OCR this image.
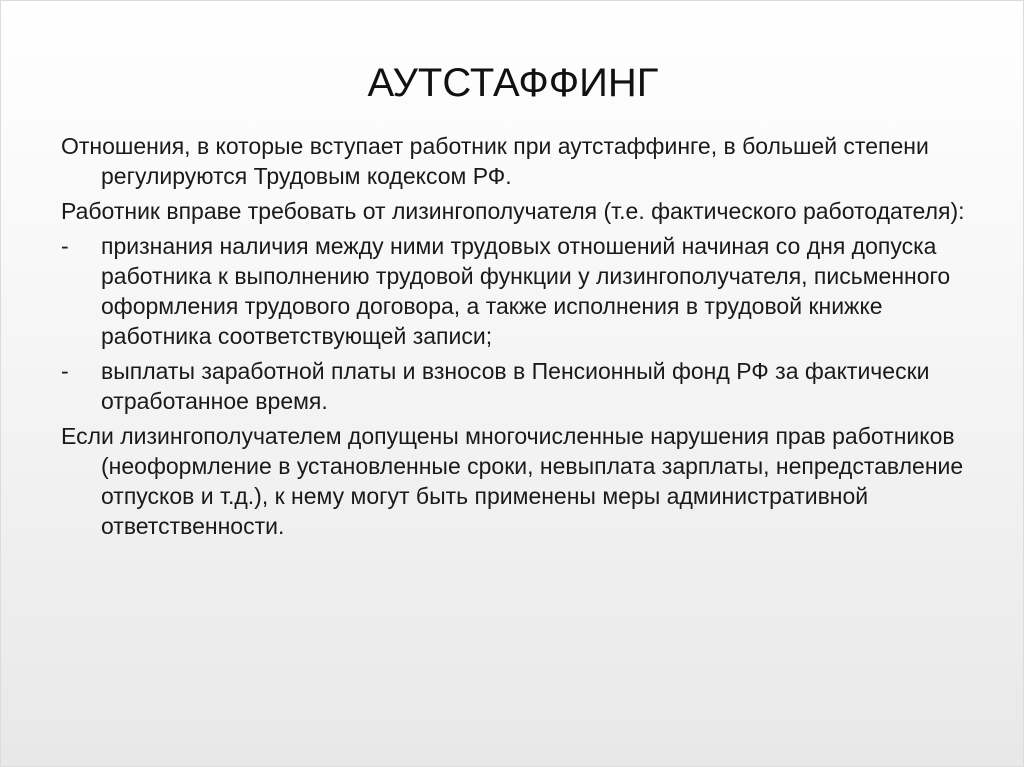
АУТСТАФФИНГ

Отношения, в которые вступает работник при аутстаффинге, в большей степени регулируются Трудовым кодексом РФ.

Работник вправе требовать от лизингополучателя (т.е. фактического работодателя):

- признания наличия между ними трудовых отношений начиная со дня допуска работника к выполнению трудовой функции у лизингополучателя, письменного оформления трудового договора, а также исполнения в трудовой книжке работника соответствующей записи;
- выплаты заработной платы и взносов в Пенсионный фонд РФ за фактически отработанное время.

Если лизингополучателем допущены многочисленные нарушения прав работников (неоформление в установленные сроки, невыплата зарплаты, непредставление отпусков и т.д.), к нему могут быть применены меры административной ответственности.
